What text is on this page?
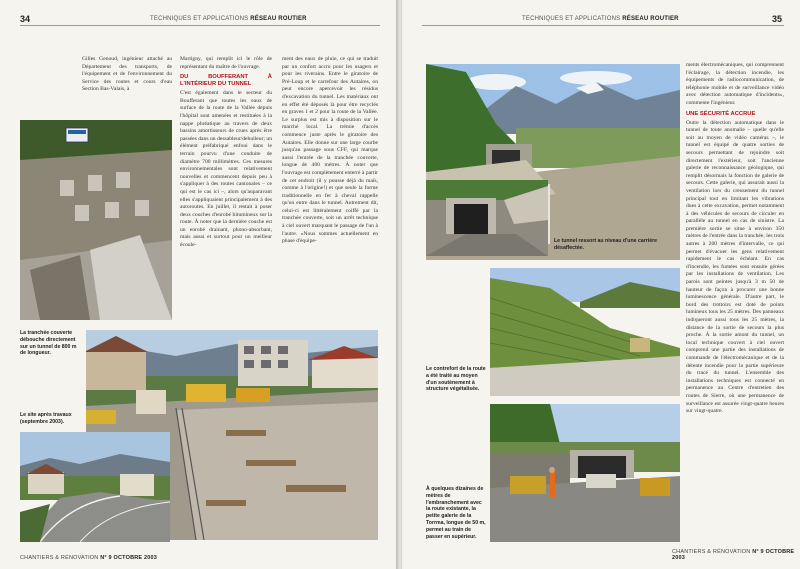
34	TECHNIQUES ET APPLICATIONS RÉSEAU ROUTIER

Gilles Genoud, ingénieur attaché au Département des transports, de l'équipement et de l'environnement du Service des routes et cours d'eau Section Bas-Valais, à

Martigny, qui remplit ici le rôle de représentant du maître de l'ouvrage.

DU BOUFFERANT À L'INTÉRIEUR DU TUNNEL

C'est également dans le secteur du Boufferant que toutes les eaux de surface de la route de la Vallée depuis l'hôpital sont amenées et restituées à la nappe phréatique au travers de deux bassins amortisseurs de crues après être passées dans un dessableur/dehuileur; un élément préfabriqué enfoui dans le terrain pourvu d'une conduite de diamètre 700 millimètres. Ces mesures environnementales sont relativement nouvelles et commencent depuis peu à s'appliquer à des routes cantonales – ce qui est le cas ici –, alors qu'auparavant elles s'appliquaient principalement à des autoroutes. En juillet, il restait à poser deux couches d'enrobé bitumineux sur la route. À noter que la dernière couche est un enrobé drainant, phono-absorbant, mais aussi et surtout pour un meilleur écoule-

ment des eaux de pluie, ce qui se traduit par un confort accru pour les usagers et pour les riverains. Entre le giratoire de Pré-Loup et le carrefour des Autaires, on peut encore apercevoir les résidus d'excavation du tunnel. Les matériaux ont en effet été déposés là pour être recyclés en graves 1 et 2 pour la route de la Vallée. Le surplus est mis à disposition sur le marché local. La trémie d'accès commence juste après le giratoire des Autaires. Elle donne sur une large courbe jusqu'au passage sous CFF, qui marque aussi l'entrée de la tranchée couverte, longue de 400 mètres. À noter que l'ouvrage est complètement enterré à partir de cet endroit (il y pousse déjà du maïs, comme à l'origine!) et que seule la forme traditionnelle en fer à cheval rappelle qu'on entre dans le tunnel. Autrement dit, celui-ci est littéralement coiffé par la tranchée couverte, soit un arrêt technique à ciel ouvert marquant le passage de l'un à l'autre. «Nous sommes actuellement en phase d'équipe-

La tranchée couverte débouche directement sur un tunnel de 800 m de longueur.
Le site après travaux (septembre 2003).
CHANTIERS & RÉNOVATION N° 9 OCTOBRE 2003
TECHNIQUES ET APPLICATIONS RÉSEAU ROUTIER	35
Le tunnel ressort au niveau d'une carrière désaffectée.

ments électromécaniques, qui comprennent l'éclairage, la détection incendie, les équipements de radiocommunication, de téléphonie mobile et de surveillance vidéo avec détection automatique d'incidents», commente l'ingénieur.

UNE SÉCURITÉ ACCRUE

Outre la détection automatique dans le tunnel de toute anomalie – quelle qu'elle soit au moyen de vidéo caméras –, le tunnel est équipé de quatre sorties de secours permettant de rejoindre soit directement l'extérieur, soit l'ancienne galerie de reconnaissance géologique, qui remplit désormais la fonction de galerie de secours. Cette galerie, qui assurait aussi la ventilation lors du creusement du tunnel principal tout en limitant les vibrations dues à cette excavation, permet notamment à des véhicules de secours de circuler en parallèle au tunnel en cas de sinistre. La première sortie se situe à environ 350 mètres de l'entrée dans la tranchée, les trois autres à 200 mètres d'intervalle, ce qui permet d'évacuer les gens relativement rapidement le cas échéant. En cas d'incendie, les fumées sont ensuite gérées par les installations de ventilation. Les parois sont peintes jusqu'à 3 m 50 de hauteur de façon à procurer une bonne luminescence générale. D'autre part, le bord des trottoirs est doté de points lumineux tous les 25 mètres. Des panneaux indiqueront aussi tous les 25 mètres, la distance de la sortie de secours la plus proche. À la sortie amont du tunnel, un local technique couvert à ciel ouvert comprend une partie des installations de commande de l'électromécanique et de la détente incendie pour la partie supérieure du tracé du tunnel. L'ensemble des installations techniques est connecté en permanence au Centre d'entretien des routes de Sierre, où une permanence de surveillance est assurée vingt-quatre heures sur vingt-quatre.

Le contrefort de la route a été traité au moyen d'un soutènement à structure végétalisée.
À quelques dizaines de mètres de l'embranchement avec la route existante, la petite galerie de la Torrma, longue de 50 m, permet au train de passer en supérieur.
CHANTIERS & RÉNOVATION N° 9 OCTOBRE 2003
